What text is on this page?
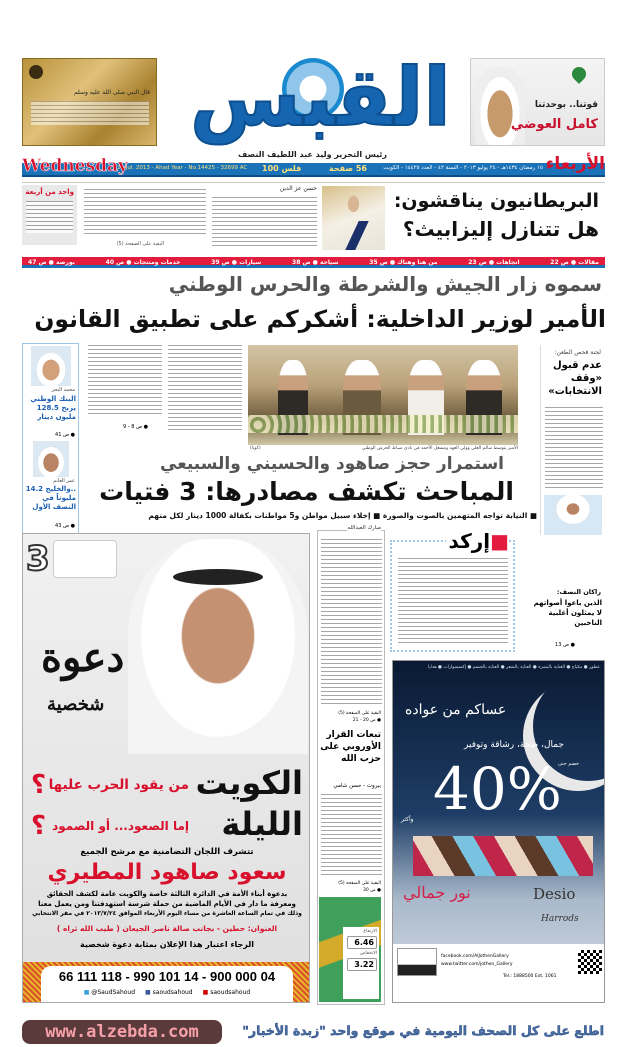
قال النبي صلى الله عليه وسلم القبس
رئيس التحرير وليد عبد اللطيف النصف
قوتنا.. بوحدتنا
كامل العوضي
24 Jul. 2013 - Ahad Year - No.14425 - 32699 AC 100 فلس	56 صفحة	١٥ رمضان ١٤٣٤هـ - ٢٤ يوليو ٢٠١٣ - السنة ٤٢ - العدد ١٤٤٢٥ - الكويت
Wednesday	الأربعاء
البريطانيون يناقشون:
هل تتنازل إليزابيث؟
حسن عز الدين
البقية على الصفحة (5)
واحد من أربعة
مقالات ● ص 22
اتجاهات ● ص 23
من هنا وهناك ● ص 35
سياحة ● ص 38
سيارات ● ص 39
خدمات ومنتجات ● ص 40
بورصة ● ص 47
سموه زار الجيش والشرطة والحرس الوطني
الأمير لوزير الداخلية: أشكركم على تطبيق القانون
محمد البحر
البنك الوطني يربح 128.5 مليون دينار
● ص 41
عمر الغانم
..والخليج 14.2 مليوناً في النصف الأول
● ص 43
● ص 8 - 9
الأمير يتوسط سالم العلي وولي العهد ومشعل الأحمد في نادي ضباط الحرس الوطني
(كونا)
لجنة فحص الطعن:
عدم قبول «وقف الانتخابات»
استمرار حجز صاهود والحسيني والسبيعي
المباحث تكشف مصادرها: 3 فتيات
■ النيابة تواجه المتهمين بالصوت والصورة ■ إخلاء سبيل مواطن و5 مواطنات بكفالة 1000 دينار لكل منهم
3
دعوة
شخصية
الكويت
من يقود الحرب عليها
؟
الليلة
إما الصعود... أو الصمود
؟
تتشرف اللجان التضامنية مع مرشح الجميع
سعود صاهود المطيري
بدعوة أبناء الأمة في الدائرة الثالثة خاصة والكويت عامة لكشف الحقائق
ومعرفة ما دار في الأيام الماضية من حملة شرسة استهدفتنا ومن يعمل معنا
وذلك في تمام الساعة العاشرة من مساء اليوم الأربعاء الموافق ٢٠١٣/٧/٢٤ في مقر الانتخابي
العنوان: حطين - بجانب صالة ناصر الجيعان ( طيب الله ثراه )
الرجاء اعتبار هذا الإعلان بمثابة دعوة شخصية
66 111 118 - 990 101 14 - 900 000 04
■ @SaudSahoud ■ saoudsahoud ■ saoudsahoud
مبارك العبدالله
البقية على الصفحة (5)
● ص 20 - 21
تبعات القرار الأوروبي على حزب الله
بيروت - حسن شامي
البقية على الصفحة (5)
● ص 30
الارتفاع
6.46
الانخفاض
3.22
■إركد
راكان النصف:
الذين باعوا أصواتهم لا يمثلون أغلبية الناخبين
● ص 13
عطور ● مكياج ● العناية بالبشرة ● العناية بالشعر ● العناية بالجسم ● إكسسوارات ● هدايا
عساكم من عواده
جمال، صحة، رشاقة وتوفير
40%
خصم حتى
وأكثر
نور جمالي	Desio
Harrods
facebook.com/AlJothenGallery
www.twitter.com/jothen_Gallery
Tel.: 1888500 Ext. 1061
www.alzebda.com	اطلع على كل الصحف اليومية في موقع واحد "زبدة الأخبار"
